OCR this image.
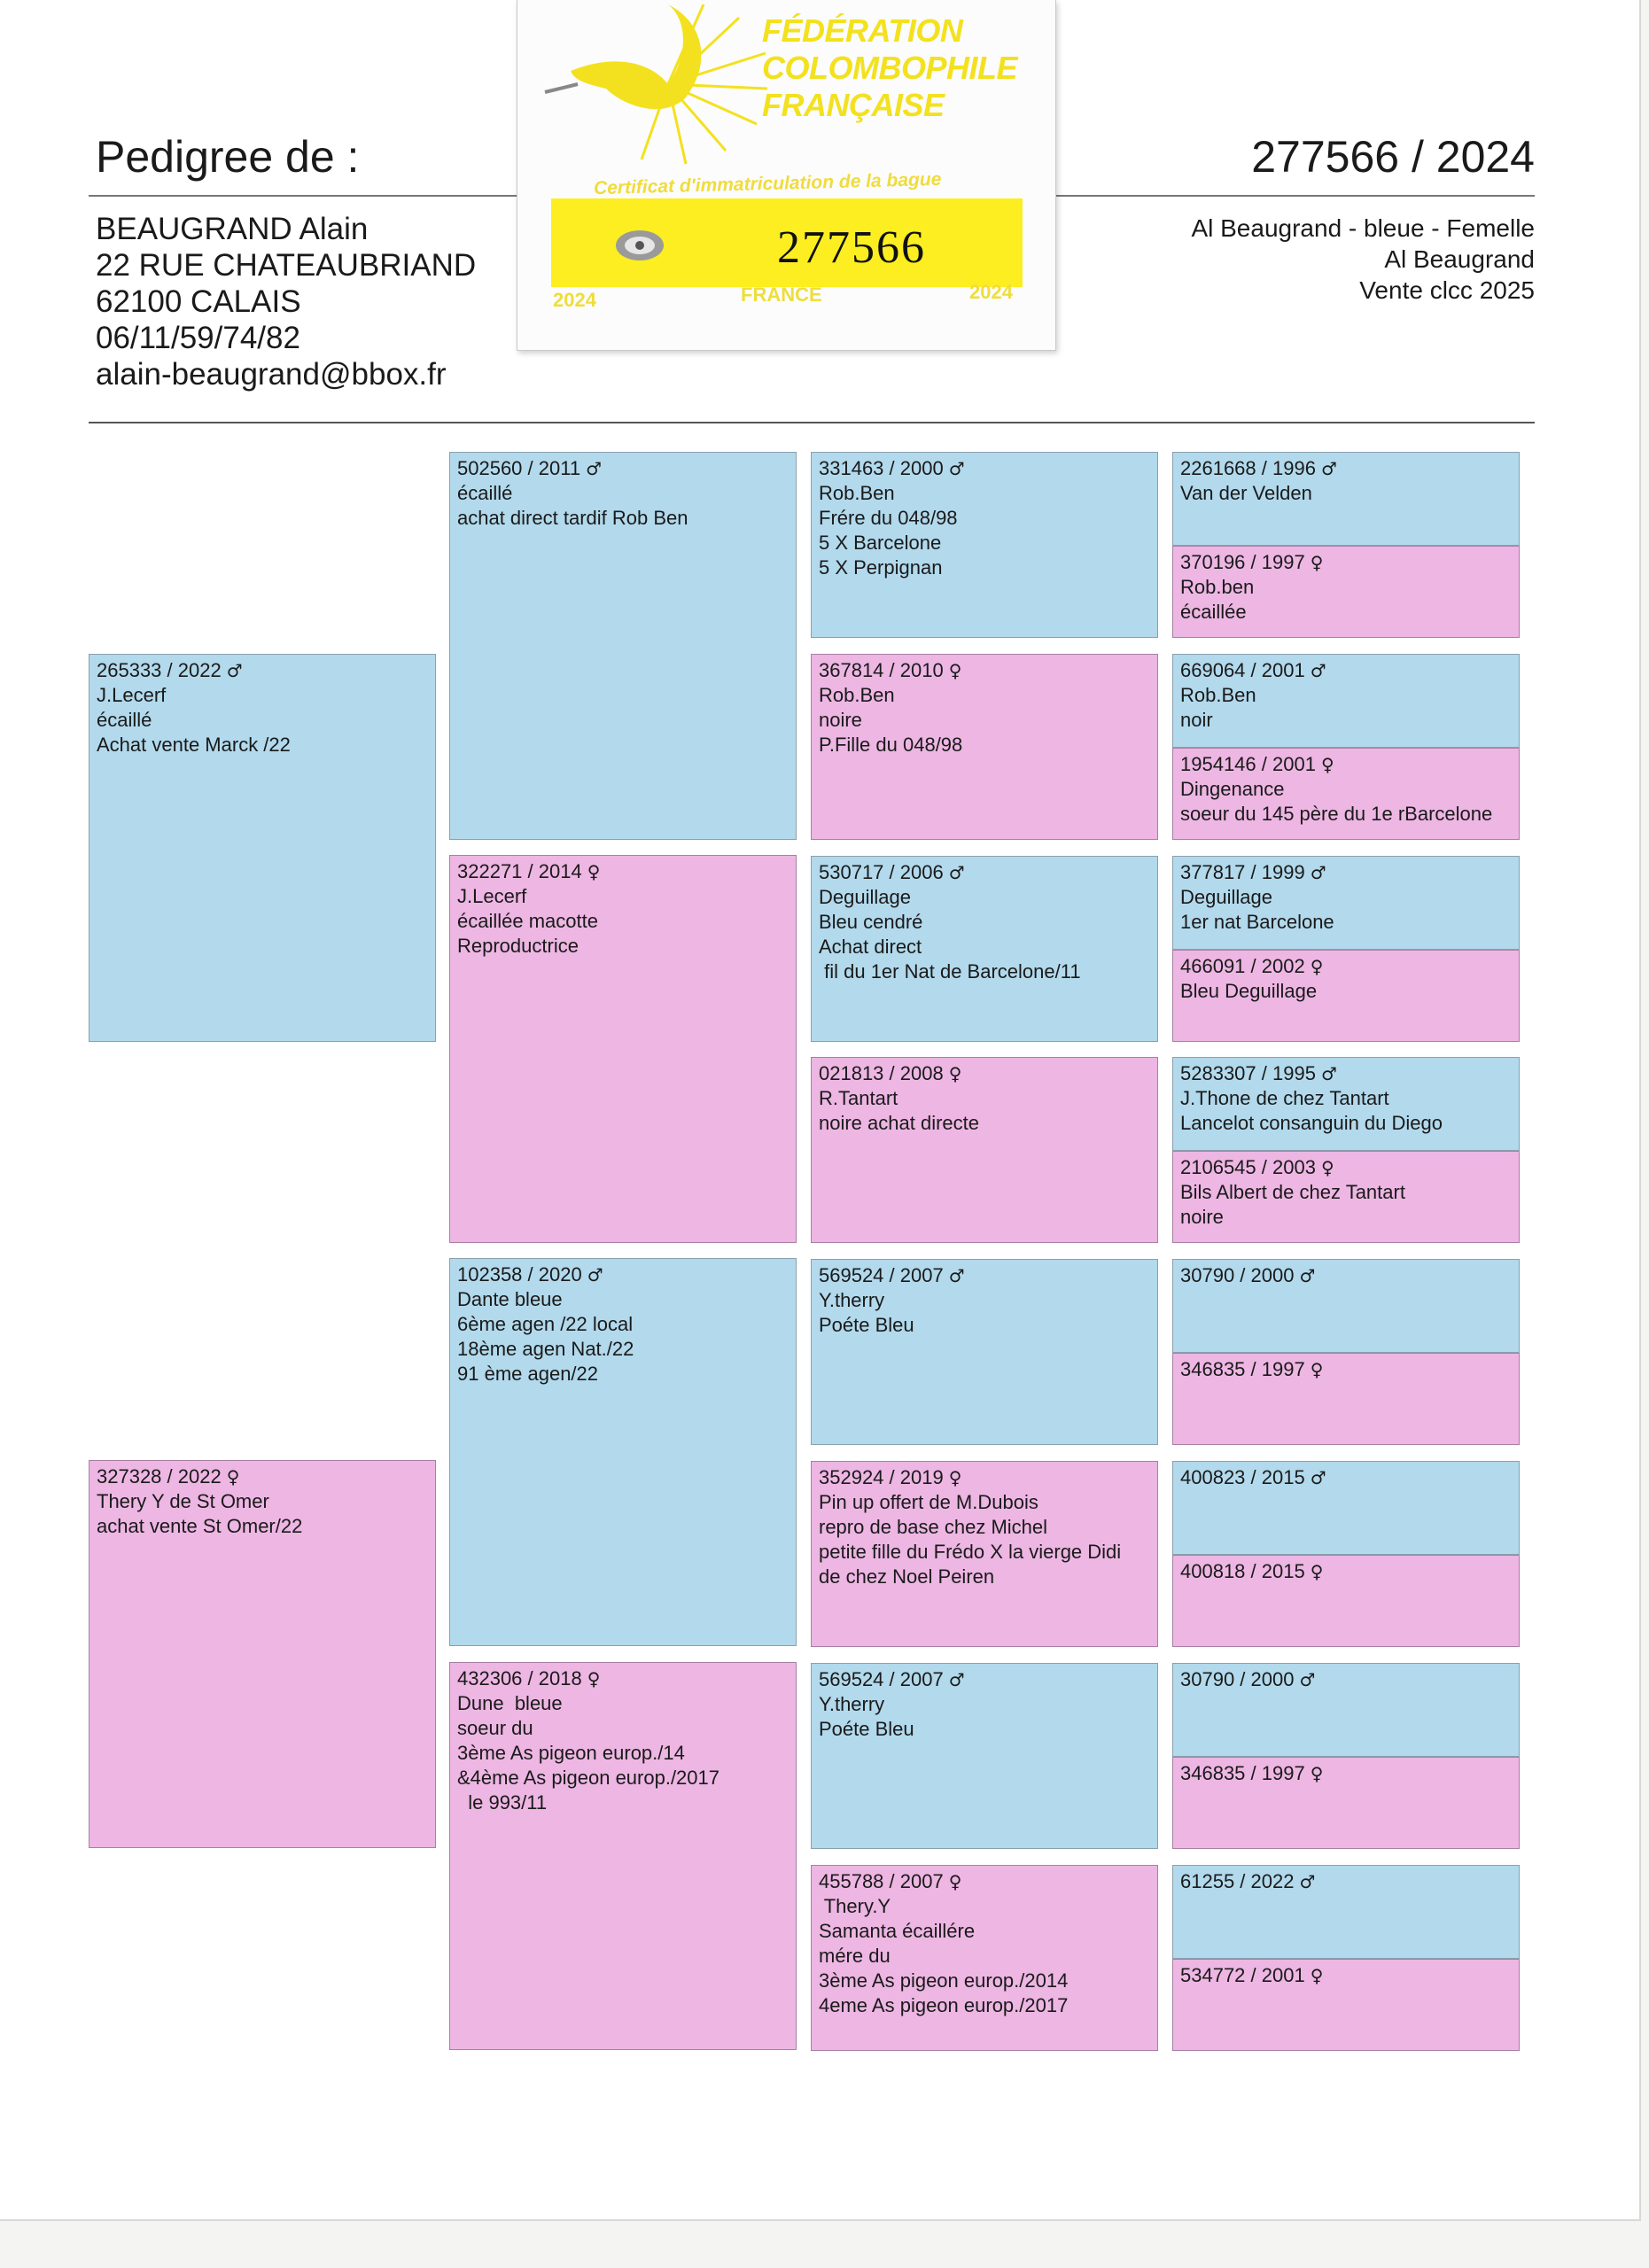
Pedigree de :	277566 / 2024
BEAUGRAND Alain
22 RUE CHATEAUBRIAND
62100 CALAIS
06/11/59/74/82
alain-beaugrand@bbox.fr
Al Beaugrand - bleue - Femelle
Al Beaugrand
Vente clcc 2025
FÉDÉRATION
COLOMBOPHILE
FRANÇAISE
Certificat d'immatriculation de la bague
277566
2024	FRANCE	2024
265333 / 2022 ♂
J.Lecerf
écaillé
Achat vente Marck /22
327328 / 2022 ♀
Thery Y de St Omer
achat vente St Omer/22
502560 / 2011 ♂
écaillé
achat direct tardif Rob Ben
322271 / 2014 ♀
J.Lecerf
écaillée macotte
Reproductrice
102358 / 2020 ♂
Dante bleue
6ème agen /22 local
18ème agen Nat./22
91 ème agen/22
432306 / 2018 ♀
Dune  bleue
soeur du
3ème As pigeon europ./14
&4ème As pigeon europ./2017
le 993/11
331463 / 2000 ♂
Rob.Ben
Frére du 048/98
5 X Barcelone
5 X Perpignan
367814 / 2010 ♀
Rob.Ben
noire
P.Fille du 048/98
530717 / 2006 ♂
Deguillage
Bleu cendré
Achat direct
fil du 1er Nat de Barcelone/11
021813 / 2008 ♀
R.Tantart
noire achat directe
569524 / 2007 ♂
Y.therry
Poéte Bleu
352924 / 2019 ♀
Pin up offert de M.Dubois
repro de base chez Michel
petite fille du Frédo X la vierge Didi
de chez Noel Peiren
569524 / 2007 ♂
Y.therry
Poéte Bleu
455788 / 2007 ♀
Thery.Y
Samanta écaillére
mére du
3ème As pigeon europ./2014
4eme As pigeon europ./2017
2261668 / 1996 ♂
Van der Velden
370196 / 1997 ♀
Rob.ben
écaillée
669064 / 2001 ♂
Rob.Ben
noir
1954146 / 2001 ♀
Dingenance
soeur du 145 père du 1e rBarcelone
377817 / 1999 ♂
Deguillage
1er nat Barcelone
466091 / 2002 ♀
Bleu Deguillage
5283307 / 1995 ♂
J.Thone de chez Tantart
Lancelot consanguin du Diego
2106545 / 2003 ♀
Bils Albert de chez Tantart
noire
30790 / 2000 ♂
346835 / 1997 ♀
400823 / 2015 ♂
400818 / 2015 ♀
30790 / 2000 ♂
346835 / 1997 ♀
61255 / 2022 ♂
534772 / 2001 ♀
